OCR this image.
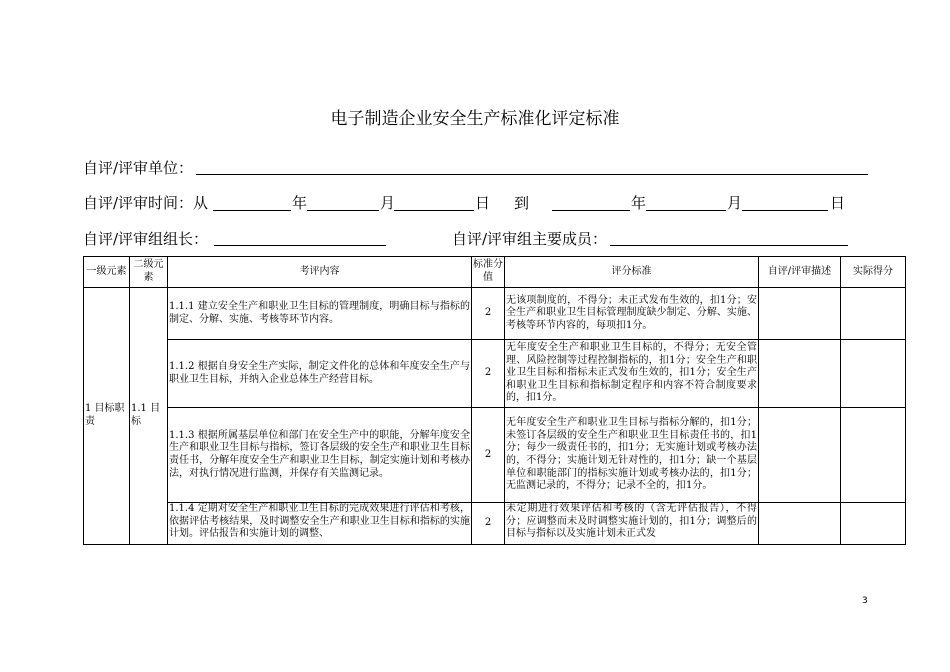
电子制造企业安全生产标准化评定标准
自评/评审单位：
自评/评审时间：从	年	月	日 到	年	月	日
自评/评审组组长：	自评/评审组主要成员：
一级元素	二级元素	考评内容	标准分值	评分标准	自评/评审描述	实际得分
1 目标职责	1.1 目标	1.1.1 建立安全生产和职业卫生目标的管理制度，明确目标与指标的制定、分解、实施、考核等环节内容。	2	无该项制度的，不得分；未正式发布生效的，扣1分；安全生产和职业卫生目标管理制度缺少制定、分解、实施、考核等环节内容的，每项扣1分。		
		1.1.2 根据自身安全生产实际，制定文件化的总体和年度安全生产与职业卫生目标，并纳入企业总体生产经营目标。	2	无年度安全生产和职业卫生目标的，不得分；无安全管理、风险控制等过程控制指标的，扣1分；安全生产和职业卫生目标和指标未正式发布生效的，扣1分；安全生产和职业卫生目标和指标制定程序和内容不符合制度要求的，扣1分。		
		1.1.3 根据所属基层单位和部门在安全生产中的职能，分解年度安全生产和职业卫生目标与指标，签订各层级的安全生产和职业卫生目标责任书，分解年度安全生产和职业卫生目标，制定实施计划和考核办法，对执行情况进行监测，并保存有关监测记录。	2	无年度安全生产和职业卫生目标与指标分解的，扣1分；未签订各层级的安全生产和职业卫生目标责任书的，扣1分；每少一级责任书的，扣1分；无实施计划或考核办法的，不得分；实施计划无针对性的，扣1分；缺一个基层单位和职能部门的指标实施计划或考核办法的，扣1分；无监测记录的，不得分；记录不全的，扣1分。		

		1.1.4 定期对安全生产和职业卫生目标的完成效果进行评估和考核，依据评估考核结果，及时调整安全生产和职业卫生目标和指标的实施计划。评估报告和实施计划的调整、	2	未定期进行效果评估和考核的（含无评估报告），不得分；应调整而未及时调整实施计划的，扣1分；调整后的目标与指标以及实施计划未正式发		

3
